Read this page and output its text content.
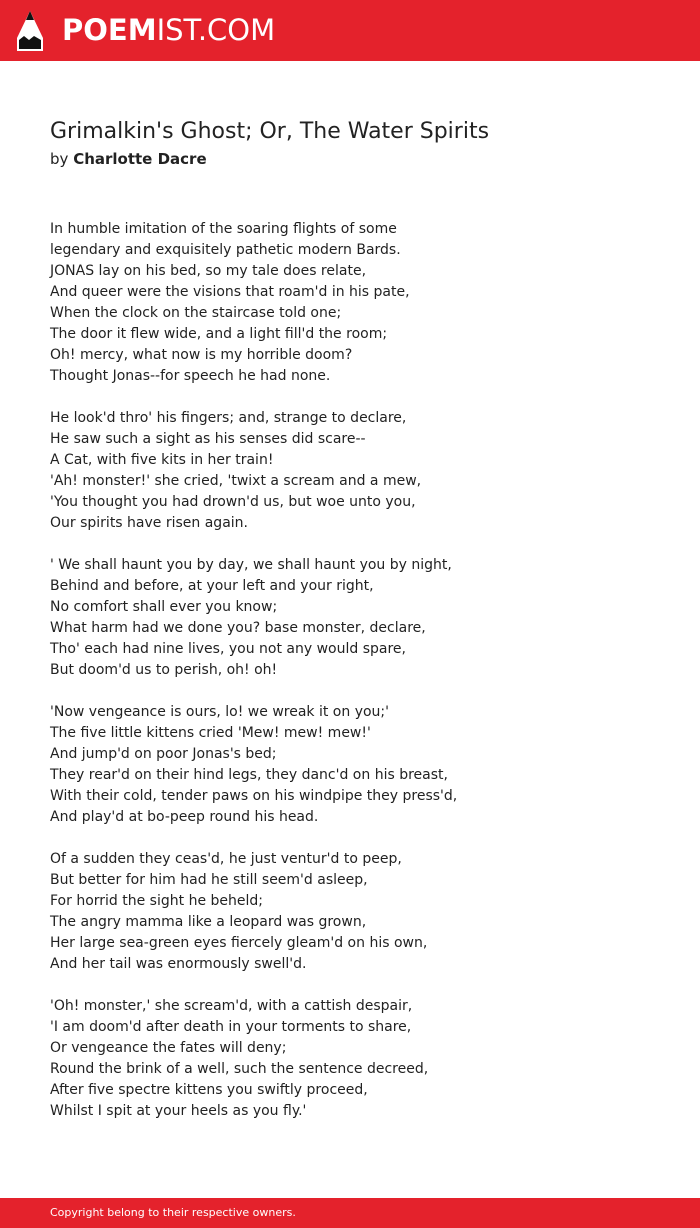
POEMIST.COM
Grimalkin's Ghost; Or, The Water Spirits
by Charlotte Dacre
In humble imitation of the soaring flights of some
legendary and exquisitely pathetic modern Bards.
JONAS lay on his bed, so my tale does relate,
And queer were the visions that roam'd in his pate,
When the clock on the staircase told one;
The door it flew wide, and a light fill'd the room;
Oh! mercy, what now is my horrible doom?
Thought Jonas--for speech he had none.
He look'd thro' his fingers; and, strange to declare,
He saw such a sight as his senses did scare--
A Cat, with five kits in her train!
'Ah! monster!' she cried, 'twixt a scream and a mew,
'You thought you had drown'd us, but woe unto you,
Our spirits have risen again.
' We shall haunt you by day, we shall haunt you by night,
Behind and before, at your left and your right,
No comfort shall ever you know;
What harm had we done you? base monster, declare,
Tho' each had nine lives, you not any would spare,
But doom'd us to perish, oh! oh!
'Now vengeance is ours, lo! we wreak it on you;'
The five little kittens cried 'Mew! mew! mew!'
And jump'd on poor Jonas's bed;
They rear'd on their hind legs, they danc'd on his breast,
With their cold, tender paws on his windpipe they press'd,
And play'd at bo-peep round his head.
Of a sudden they ceas'd, he just ventur'd to peep,
But better for him had he still seem'd asleep,
For horrid the sight he beheld;
The angry mamma like a leopard was grown,
Her large sea-green eyes fiercely gleam'd on his own,
And her tail was enormously swell'd.
'Oh! monster,' she scream'd, with a cattish despair,
'I am doom'd after death in your torments to share,
Or vengeance the fates will deny;
Round the brink of a well, such the sentence decreed,
After five spectre kittens you swiftly proceed,
Whilst I spit at your heels as you fly.'
Copyright belong to their respective owners.
